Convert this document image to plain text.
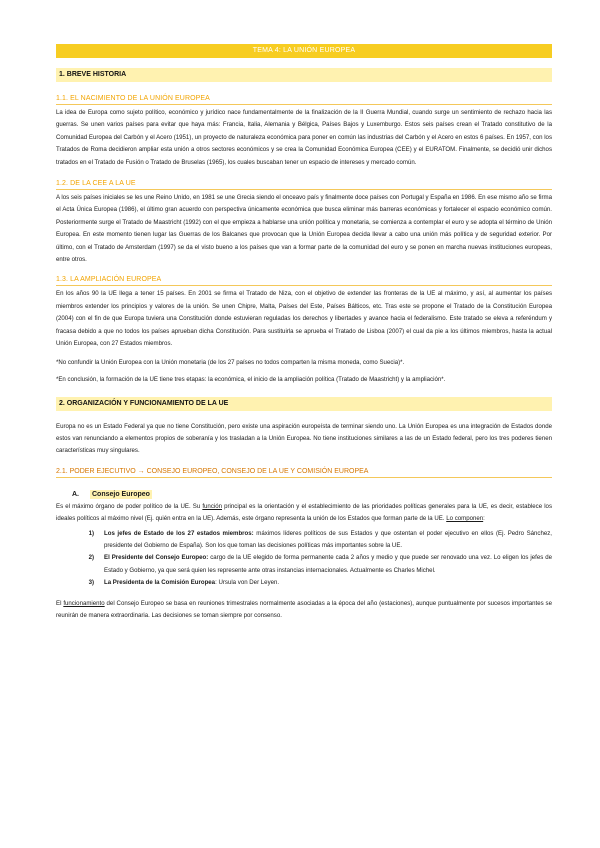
TEMA 4: LA UNIÓN EUROPEA
1. BREVE HISTORIA
1.1. EL NACIMIENTO DE LA UNIÓN EUROPEA

La idea de Europa como sujeto político, económico y jurídico nace fundamentalmente de la finalización de la II Guerra Mundial, cuando surge un sentimiento de rechazo hacia las guerras. Se unen varios países para evitar que haya más: Francia, Italia, Alemania y Bélgica, Países Bajos y Luxemburgo. Estos seis países crean el Tratado constitutivo de la Comunidad Europea del Carbón y el Acero (1951), un proyecto de naturaleza económica para poner en común las industrias del Carbón y el Acero en estos 6 países. En 1957, con los Tratados de Roma decidieron ampliar esta unión a otros sectores económicos y se crea la Comunidad Económica Europea (CEE) y el EURATOM. Finalmente, se decidió unir dichos tratados en el Tratado de Fusión o Tratado de Bruselas (1965), los cuales buscaban tener un espacio de intereses y mercado común.

1.2. DE LA CEE A LA UE

A los seis países iniciales se les une Reino Unido, en 1981 se une Grecia siendo el onceavo país y finalmente doce países con Portugal y España en 1986. En ese mismo año se firma el Acta Única Europea (1986), el último gran acuerdo con perspectiva únicamente económica que busca eliminar más barreras económicas y fortalecer el espacio económico común. Posteriormente surge el Tratado de Maastricht (1992) con el que empieza a hablarse una unión política y monetaria, se comienza a contemplar el euro y se adopta el término de Unión Europea. En este momento tienen lugar las Guerras de los Balcanes que provocan que la Unión Europea decida llevar a cabo una unión más política y de seguridad exterior. Por último, con el Tratado de Amsterdam (1997) se da el visto bueno a los países que van a formar parte de la comunidad del euro y se ponen en marcha nuevas instituciones europeas, entre otros.

1.3. LA AMPLIACIÓN EUROPEA

En los años 90 la UE llega a tener 15 países. En 2001 se firma el Tratado de Niza, con el objetivo de extender las fronteras de la UE al máximo, y así, al aumentar los países miembros extender los principios y valores de la unión. Se unen Chipre, Malta, Países del Este, Países Bálticos, etc. Tras este se propone el Tratado de la Constitución Europea (2004) con el fin de que Europa tuviera una Constitución donde estuvieran reguladas los derechos y libertades y avance hacia el federalismo. Este tratado se eleva a referéndum y fracasa debido a que no todos los países aprueban dicha Constitución. Para sustituirla se aprueba el Tratado de Lisboa (2007) el cual da pie a los últimos miembros, hasta la actual Unión Europea, con 27 Estados miembros.

*No confundir la Unión Europea con la Unión monetaria (de los 27 países no todos comparten la misma moneda, como Suecia)*.

*En conclusión, la formación de la UE tiene tres etapas: la económica, el inicio de la ampliación política (Tratado de Maastricht) y la ampliación*.

2. ORGANIZACIÓN Y FUNCIONAMIENTO DE LA UE

Europa no es un Estado Federal ya que no tiene Constitución, pero existe una aspiración europeísta de terminar siendo uno. La Unión Europea es una integración de Estados donde estos van renunciando a elementos propios de soberanía y los trasladan a la Unión Europea. No tiene instituciones similares a las de un Estado federal, pero los tres poderes tienen características muy singulares.

2.1. PODER EJECUTIVO → CONSEJO EUROPEO, CONSEJO DE LA UE Y COMISIÓN EUROPEA
A.	Consejo Europeo

Es el máximo órgano de poder político de la UE. Su función principal es la orientación y el establecimiento de las prioridades políticas generales para la UE, es decir, establece los ideales políticos al máximo nivel (Ej. quién entra en la UE). Además, este órgano representa la unión de los Estados que forman parte de la UE. Lo componen:

1)	Los jefes de Estado de los 27 estados miembros: máximos líderes políticos de sus Estados y que ostentan el poder ejecutivo en ellos (Ej. Pedro Sánchez, presidente del Gobierno de España). Son los que toman las decisiones políticas más importantes sobre la UE.
2)	El Presidente del Consejo Europeo: cargo de la UE elegido de forma permanente cada 2 años y medio y que puede ser renovado una vez. Lo eligen los jefes de Estado y Gobierno, ya que será quien les represente ante otras instancias internacionales. Actualmente es Charles Michel.
3)	La Presidenta de la Comisión Europea: Ursula von Der Leyen.

El funcionamiento del Consejo Europeo se basa en reuniones trimestrales normalmente asociadas a la época del año (estaciones), aunque puntualmente por sucesos importantes se reunirán de manera extraordinaria. Las decisiones se toman siempre por consenso.
